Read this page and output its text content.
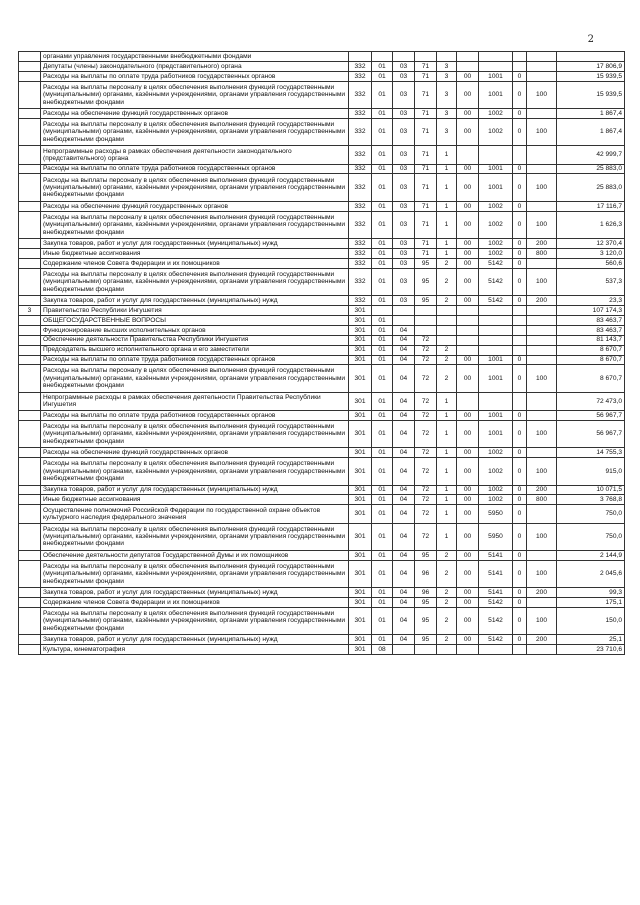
2
	органами управления государственными внебюджетными фондами										
	Депутаты (члены) законодательного (представительного) органа	332	01	03	71	3					17 806,9
	Расходы на выплаты по оплате труда работников государственных органов	332	01	03	71	3	00	1001	0		15 939,5
	Расходы на выплаты персоналу в целях обеспечения выполнения функций государственными (муниципальными) органами, казёнными учреждениями, органами управления государственными внебюджетными фондами	332	01	03	71	3	00	1001	0	100	15 939,5
	Расходы на обеспечение функций государственных органов	332	01	03	71	3	00	1002	0		1 867,4
	Расходы на выплаты персоналу в целях обеспечения выполнения функций государственными (муниципальными) органами, казёнными учреждениями, органами управления государственными внебюджетными фондами	332	01	03	71	3	00	1002	0	100	1 867,4
	Непрограммные расходы в рамках обеспечения деятельности законодательного (представительного) органа	332	01	03	71	1					42 999,7
	Расходы на выплаты по оплате труда работников государственных органов	332	01	03	71	1	00	1001	0		25 883,0
	Расходы на выплаты персоналу в целях обеспечения выполнения функций государственными (муниципальными) органами, казёнными учреждениями, органами управления государственными внебюджетными фондами	332	01	03	71	1	00	1001	0	100	25 883,0
	Расходы на обеспечение функций государственных органов	332	01	03	71	1	00	1002	0		17 116,7
	Расходы на выплаты персоналу в целях обеспечения выполнения функций государственными (муниципальными) органами, казёнными учреждениями, органами управления государственными внебюджетными фондами	332	01	03	71	1	00	1002	0	100	1 626,3
	Закупка товаров, работ и услуг для государственных (муниципальных) нужд	332	01	03	71	1	00	1002	0	200	12 370,4
	Иные бюджетные ассигнования	332	01	03	71	1	00	1002	0	800	3 120,0
	Содержание членов Совета Федерации и их помощников	332	01	03	95	2	00	5142	0		560,6
	Расходы на выплаты персоналу в целях обеспечения выполнения функций государственными (муниципальными) органами, казёнными учреждениями, органами управления государственными внебюджетными фондами	332	01	03	95	2	00	5142	0	100	537,3
	Закупка товаров, работ и услуг для государственных (муниципальных) нужд	332	01	03	95	2	00	5142	0	200	23,3
3	Правительство Республики Ингушетия	301									107 174,3
	ОБЩЕГОСУДАРСТВЕННЫЕ ВОПРОСЫ	301	01								83 463,7
	Функционирование высших исполнительных органов	301	01	04							83 463,7
	Обеспечение деятельности Правительства Республики Ингушетия	301	01	04	72						81 143,7
	Председатель высшего исполнительного органа и его заместители	301	01	04	72	2					8 670,7
	Расходы на выплаты по оплате труда работников государственных органов	301	01	04	72	2	00	1001	0		8 670,7
	Расходы на выплаты персоналу в целях обеспечения выполнения функций государственными (муниципальными) органами, казёнными учреждениями, органами управления государственными внебюджетными фондами	301	01	04	72	2	00	1001	0	100	8 670,7
	Непрограммные расходы в рамках обеспечения деятельности Правительства Республики Ингушетия	301	01	04	72	1					72 473,0
	Расходы на выплаты по оплате труда работников государственных органов	301	01	04	72	1	00	1001	0		56 967,7
	Расходы на выплаты персоналу в целях обеспечения выполнения функций государственными (муниципальными) органами, казёнными учреждениями, органами управления государственными внебюджетными фондами	301	01	04	72	1	00	1001	0	100	56 967,7
	Расходы на обеспечение функций государственных органов	301	01	04	72	1	00	1002	0		14 755,3
	Расходы на выплаты персоналу в целях обеспечения выполнения функций государственными (муниципальными) органами, казёнными учреждениями, органами управления государственными внебюджетными фондами	301	01	04	72	1	00	1002	0	100	915,0
	Закупка товаров, работ и услуг для государственных (муниципальных) нужд	301	01	04	72	1	00	1002	0	200	10 071,5
	Иные бюджетные ассигнования	301	01	04	72	1	00	1002	0	800	3 768,8
	Осуществление полномочий Российской Федерации по государственной охране объектов культурного наследия федерального значения	301	01	04	72	1	00	5950	0		750,0
	Расходы на выплаты персоналу в целях обеспечения выполнения функций государственными (муниципальными) органами, казёнными учреждениями, органами управления государственными внебюджетными фондами	301	01	04	72	1	00	5950	0	100	750,0
	Обеспечение деятельности депутатов Государственной Думы и их помощников	301	01	04	95	2	00	5141	0		2 144,9
	Расходы на выплаты персоналу в целях обеспечения выполнения функций государственными (муниципальными) органами, казёнными учреждениями, органами управления государственными внебюджетными фондами	301	01	04	96	2	00	5141	0	100	2 045,6
	Закупка товаров, работ и услуг для государственных (муниципальных) нужд	301	01	04	96	2	00	5141	0	200	99,3
	Содержание членов Совета Федерации и их помощников	301	01	04	95	2	00	5142	0		175,1
	Расходы на выплаты персоналу в целях обеспечения выполнения функций государственными (муниципальными) органами, казёнными учреждениями, органами управления государственными внебюджетными фондами	301	01	04	95	2	00	5142	0	100	150,0
	Закупка товаров, работ и услуг для государственных (муниципальных) нужд	301	01	04	95	2	00	5142	0	200	25,1
	Культура, кинематография	301	08								23 710,6
